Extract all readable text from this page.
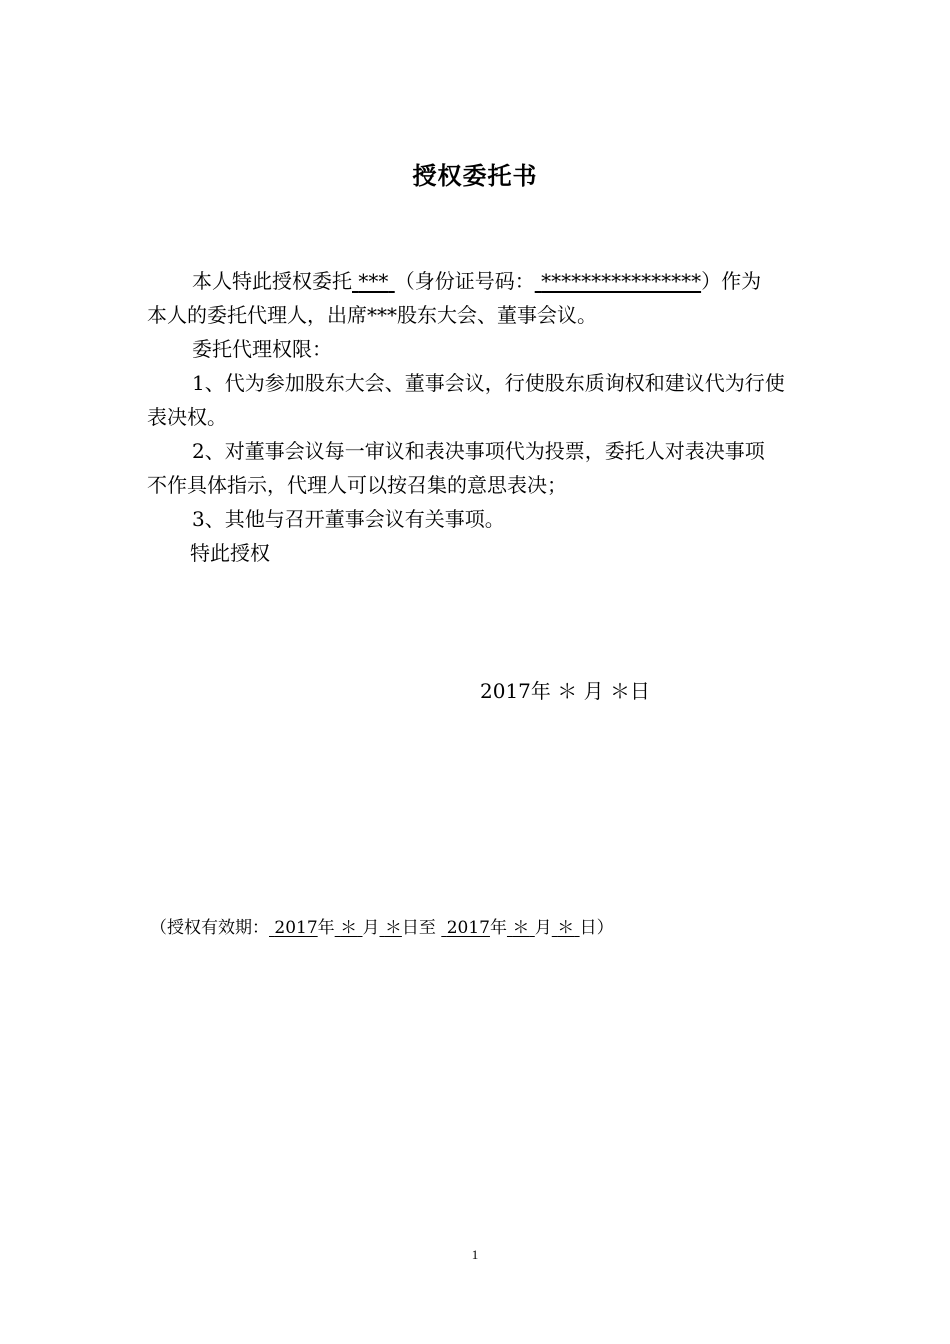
授权委托书
本人特此授权委托 *** （身份证号码： ****************）作为
本人的委托代理人，出席***股东大会、董事会议。
委托代理权限：
1、代为参加股东大会、董事会议，行使股东质询权和建议代为行使
表决权。
2、对董事会议每一审议和表决事项代为投票，委托人对表决事项
不作具体指示，代理人可以按召集的意思表决；
3、其他与召开董事会议有关事项。
特此授权
2017年 ＊ 月 ＊日
（授权有效期： 2017年 ＊ 月 ＊日至 2017年 ＊ 月 ＊ 日）
1
